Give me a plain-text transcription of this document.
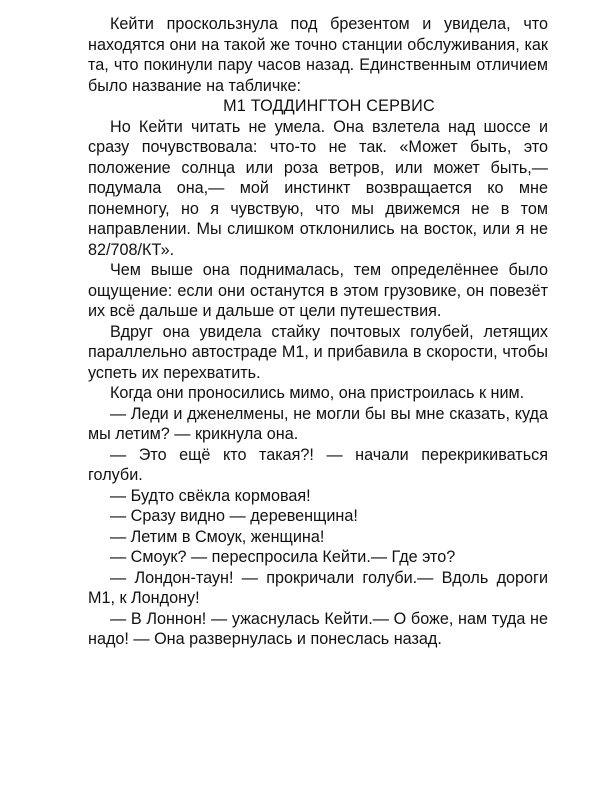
Кейти проскользнула под брезентом и увидела, что находятся они на такой же точно станции обслуживания, как та, что покинули пару часов назад. Единственным отличием было название на табличке:

М1 ТОДДИНГТОН СЕРВИС

Но Кейти читать не умела. Она взлетела над шоссе и сразу почувствовала: что-то не так. «Может быть, это положение солнца или роза ветров, или может быть,— подумала она,— мой инстинкт возвращается ко мне понемногу, но я чувствую, что мы движемся не в том направлении. Мы слишком отклонились на восток, или я не 82/708/КТ».

Чем выше она поднималась, тем определённее было ощущение: если они останутся в этом грузовике, он повезёт их всё дальше и дальше от цели путешествия.

Вдруг она увидела стайку почтовых голубей, летящих параллельно автостраде М1, и прибавила в скорости, чтобы успеть их перехватить.

Когда они проносились мимо, она пристроилась к ним.

— Леди и дженелмены, не могли бы вы мне сказать, куда мы летим? — крикнула она.

— Это ещё кто такая?! — начали перекрикиваться голуби.

— Будто свёкла кормовая!

— Сразу видно — деревенщина!

— Летим в Смоук, женщина!

— Смоук? — переспросила Кейти.— Где это?

— Лондон-таун! — прокричали голуби.— Вдоль дороги М1, к Лондону!

— В Лоннон! — ужаснулась Кейти.— О боже, нам туда не надо! — Она развернулась и понеслась назад.
